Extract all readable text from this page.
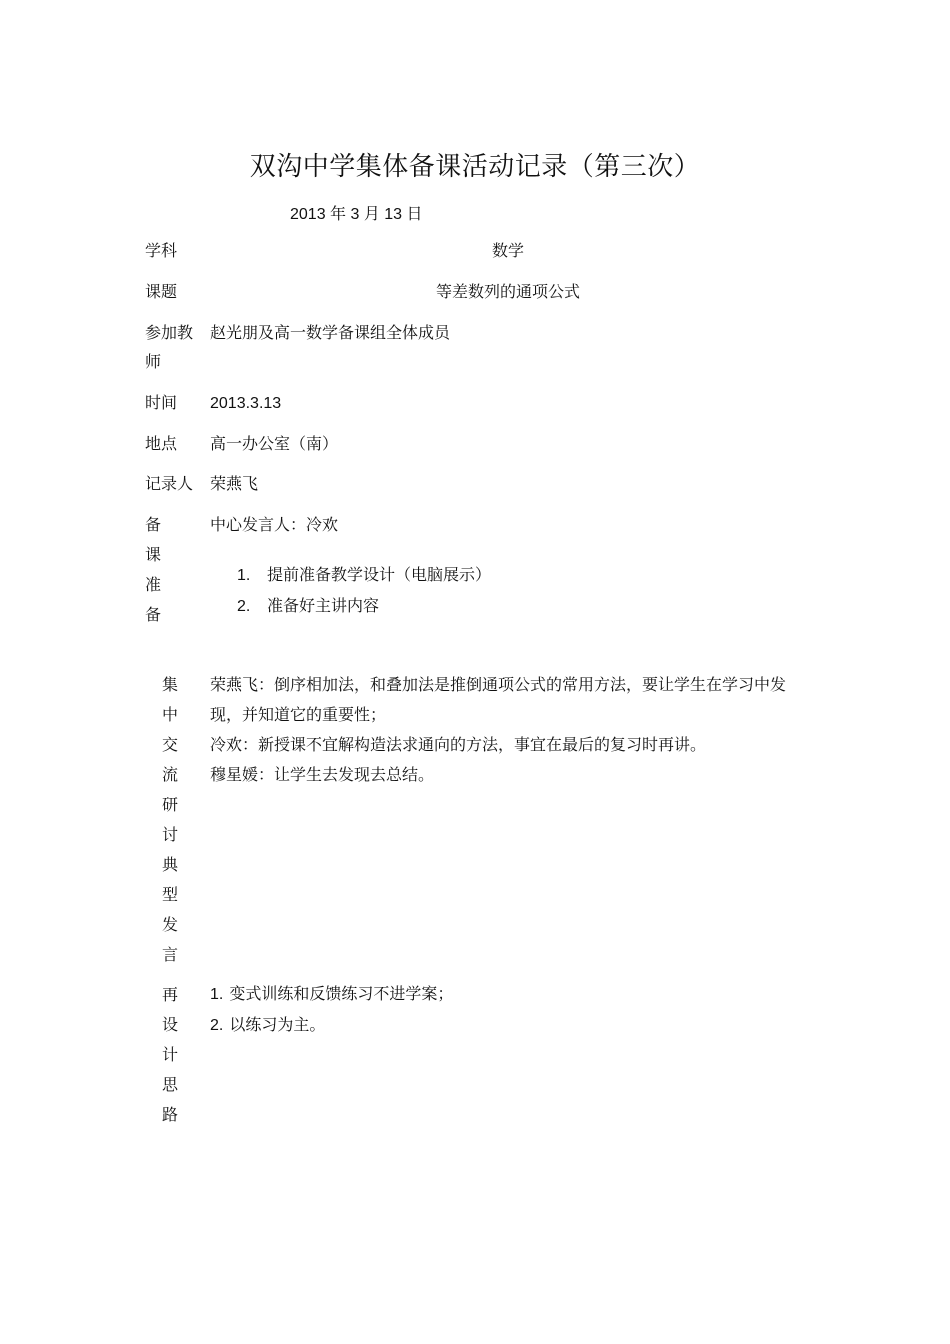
双沟中学集体备课活动记录（第三次）
2013 年 3 月 13 日
学科	数学
课题	等差数列的通项公式
参加教
师
赵光朋及高一数学备课组全体成员
时间 2013.3.13
地点 高一办公室（南）
记录人 荣燕飞
备
课
准
备
中心发言人：冷欢
1. 提前准备教学设计（电脑展示）
2. 准备好主讲内容
集
中
交
流
研
讨
典
型
发
言
荣燕飞：倒序相加法，和叠加法是推倒通项公式的常用方法，要让学生在学习中发现，并知道它的重要性；
冷欢：新授课不宜解构造法求通向的方法，事宜在最后的复习时再讲。
穆星媛：让学生去发现去总结。
再
设
计
思
路
1. 变式训练和反馈练习不进学案；
2. 以练习为主。
